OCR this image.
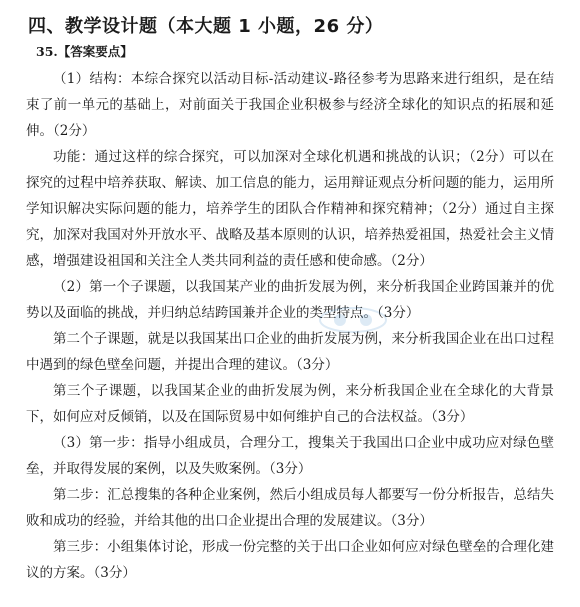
四、教学设计题（本大题 1 小题，26 分）
35.【答案要点】

（1）结构：本综合探究以活动目标-活动建议-路径参考为思路来进行组织，是在结束了前一单元的基础上，对前面关于我国企业积极参与经济全球化的知识点的拓展和延伸。（2分）

功能：通过这样的综合探究，可以加深对全球化机遇和挑战的认识；（2分）可以在探究的过程中培养获取、解读、加工信息的能力，运用辩证观点分析问题的能力，运用所学知识解决实际问题的能力，培养学生的团队合作精神和探究精神；（2分）通过自主探究，加深对我国对外开放水平、战略及基本原则的认识，培养热爱祖国，热爱社会主义情感，增强建设祖国和关注全人类共同利益的责任感和使命感。（2分）

（2）第一个子课题，以我国某产业的曲折发展为例，来分析我国企业跨国兼并的优势以及面临的挑战，并归纳总结跨国兼并企业的类型特点。（3分）

第二个子课题，就是以我国某出口企业的曲折发展为例，来分析我国企业在出口过程中遇到的绿色壁垒问题，并提出合理的建议。（3分）

第三个子课题，以我国某企业的曲折发展为例，来分析我国企业在全球化的大背景下，如何应对反倾销，以及在国际贸易中如何维护自己的合法权益。（3分）

（3）第一步：指导小组成员，合理分工，搜集关于我国出口企业中成功应对绿色壁垒，并取得发展的案例，以及失败案例。（3分）

第二步：汇总搜集的各种企业案例，然后小组成员每人都要写一份分析报告，总结失败和成功的经验，并给其他的出口企业提出合理的发展建议。（3分）

第三步：小组集体讨论，形成一份完整的关于出口企业如何应对绿色壁垒的合理化建议的方案。（3分）
